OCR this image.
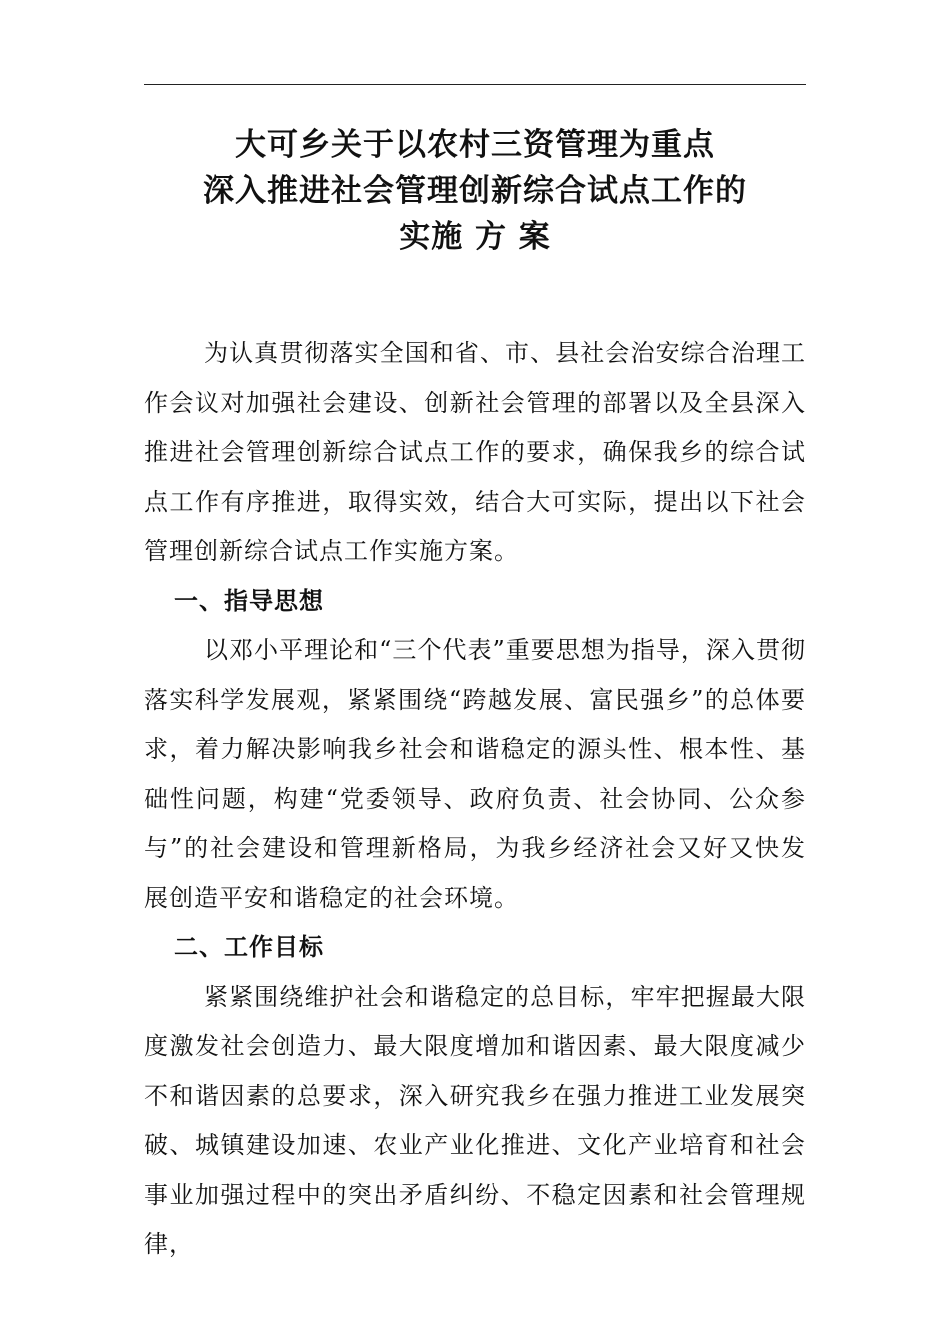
大可乡关于以农村三资管理为重点
深入推进社会管理创新综合试点工作的
实施 方 案

为认真贯彻落实全国和省、市、县社会治安综合治理工作会议对加强社会建设、创新社会管理的部署以及全县深入推进社会管理创新综合试点工作的要求，确保我乡的综合试点工作有序推进，取得实效，结合大可实际，提出以下社会管理创新综合试点工作实施方案。

一、指导思想

以邓小平理论和“三个代表”重要思想为指导，深入贯彻落实科学发展观，紧紧围绕“跨越发展、富民强乡”的总体要求，着力解决影响我乡社会和谐稳定的源头性、根本性、基础性问题，构建“党委领导、政府负责、社会协同、公众参与”的社会建设和管理新格局，为我乡经济社会又好又快发展创造平安和谐稳定的社会环境。

二、工作目标

紧紧围绕维护社会和谐稳定的总目标，牢牢把握最大限度激发社会创造力、最大限度增加和谐因素、最大限度减少不和谐因素的总要求，深入研究我乡在强力推进工业发展突破、城镇建设加速、农业产业化推进、文化产业培育和社会事业加强过程中的突出矛盾纠纷、不稳定因素和社会管理规律，
